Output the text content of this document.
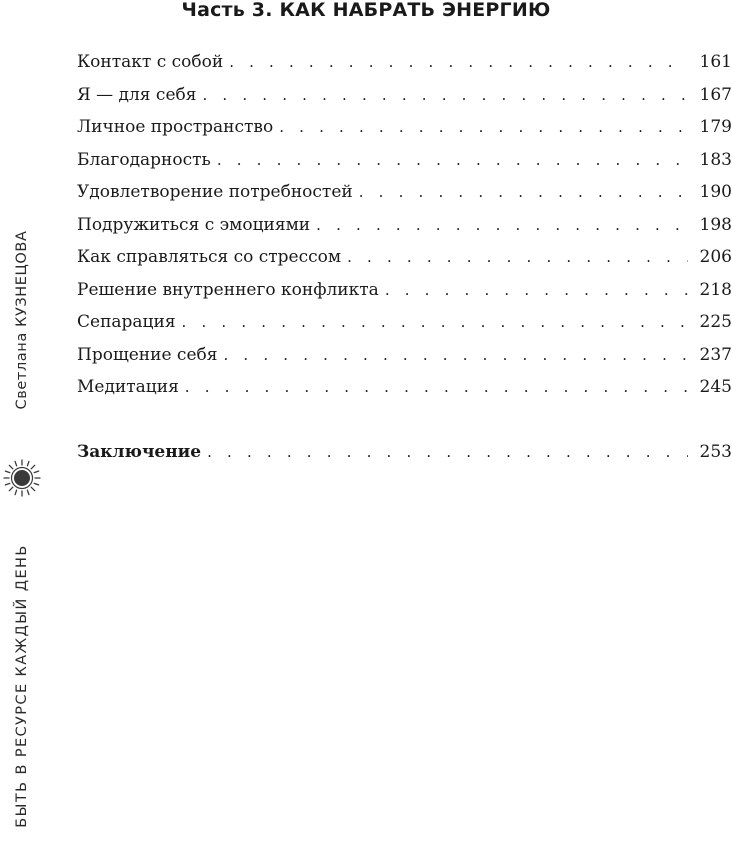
Часть 3. КАК НАБРАТЬ ЭНЕРГИЮ
Контакт с собой . . .	161
Я — для себя . . .	167
Личное пространство . . .	179
Благодарность . . .	183
Удовлетворение потребностей . . .	190
Подружиться с эмоциями . . .	198
Как справляться со стрессом . . .	206
Решение внутреннего конфликта . . .	218
Сепарация . . .	225
Прощение себя . . .	237
Медитация . . .	245
Заключение . . .	253
Светлана КУЗНЕЦОВА
БЫТЬ В РЕСУРСЕ КАЖДЫЙ ДЕНЬ
